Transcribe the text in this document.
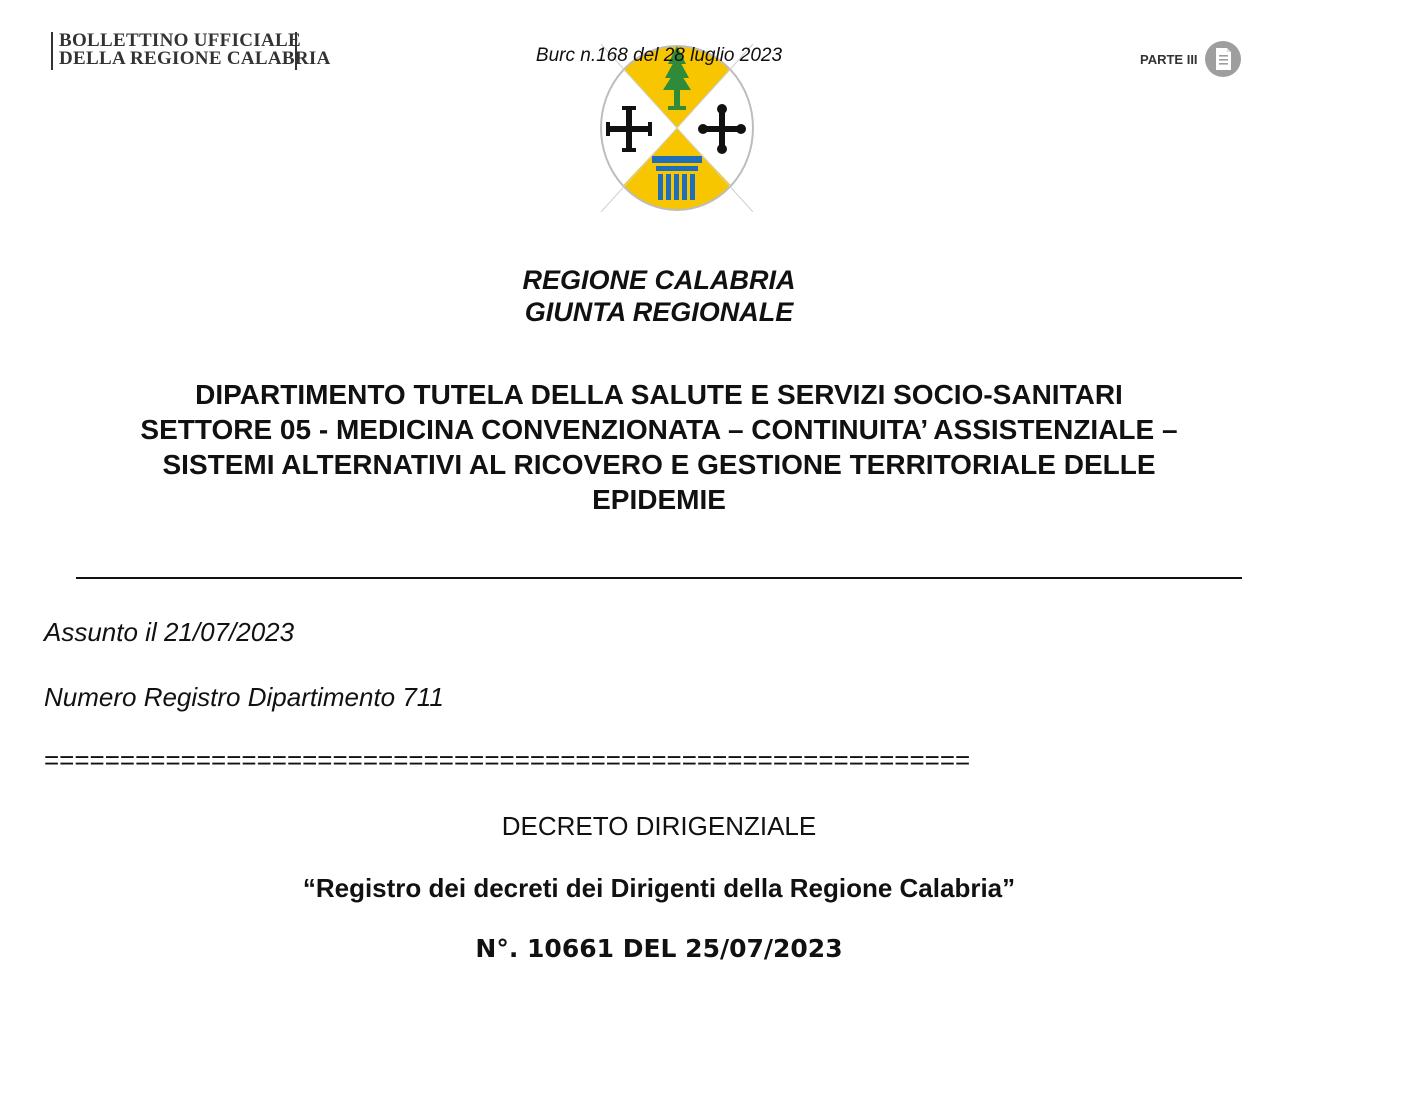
BOLLETTINO UFFICIALE
DELLA REGIONE CALABRIA	Burc n.168 del 28 luglio 2023	PARTE III
REGIONE CALABRIA
GIUNTA REGIONALE
DIPARTIMENTO TUTELA DELLA SALUTE E SERVIZI SOCIO-SANITARI
SETTORE 05 - MEDICINA CONVENZIONATA – CONTINUITA’ ASSISTENZIALE –
SISTEMI ALTERNATIVI AL RICOVERO E GESTIONE TERRITORIALE DELLE
EPIDEMIE
Assunto il 21/07/2023
Numero Registro Dipartimento 711
=============================================================
DECRETO DIRIGENZIALE
“Registro dei decreti dei Dirigenti della Regione Calabria”
N°. 10661 DEL 25/07/2023
